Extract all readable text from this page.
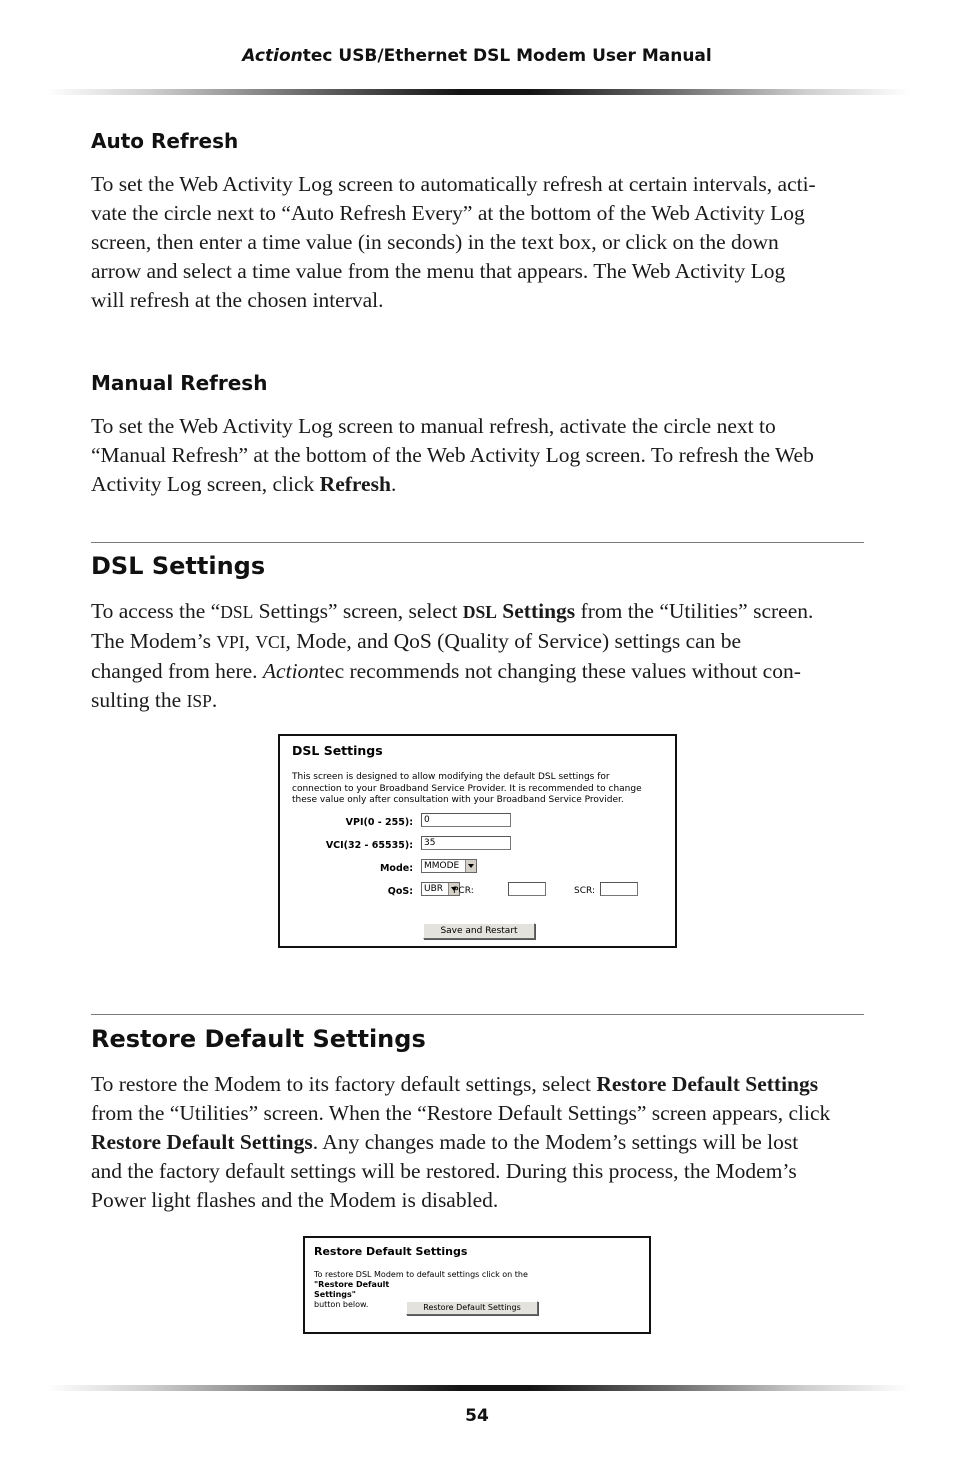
Actiontec USB/Ethernet DSL Modem User Manual
Auto Refresh
To set the Web Activity Log screen to automatically refresh at certain intervals, acti-
vate the circle next to “Auto Refresh Every” at the bottom of the Web Activity Log
screen, then enter a time value (in seconds) in the text box, or click on the down
arrow and select a time value from the menu that appears. The Web Activity Log
will refresh at the chosen interval.
Manual Refresh
To set the Web Activity Log screen to manual refresh, activate the circle next to
“Manual Refresh” at the bottom of the Web Activity Log screen. To refresh the Web
Activity Log screen, click Refresh.
DSL Settings
To access the “DSL Settings” screen, select DSL Settings from the “Utilities” screen.
The Modem’s VPI, VCI, Mode, and QoS (Quality of Service) settings can be
changed from here. Actiontec recommends not changing these values without con-
sulting the ISP.
DSL Settings
This screen is designed to allow modifying the default DSL settings for
connection to your Broadband Service Provider. It is recommended to change
these value only after consultation with your Broadband Service Provider.
VPI(0 - 255):	0
VCI(32 - 65535):	35
Mode:	MMODE
QoS:	UBR	PCR:	SCR:
Save and Restart
Restore Default Settings
To restore the Modem to its factory default settings, select Restore Default Settings
from the “Utilities” screen. When the “Restore Default Settings” screen appears, click
Restore Default Settings. Any changes made to the Modem’s settings will be lost
and the factory default settings will be restored. During this process, the Modem’s
Power light flashes and the Modem is disabled.
Restore Default Settings
To restore DSL Modem to default settings click on the
"Restore Default
Settings"
button below.	Restore Default Settings
54
